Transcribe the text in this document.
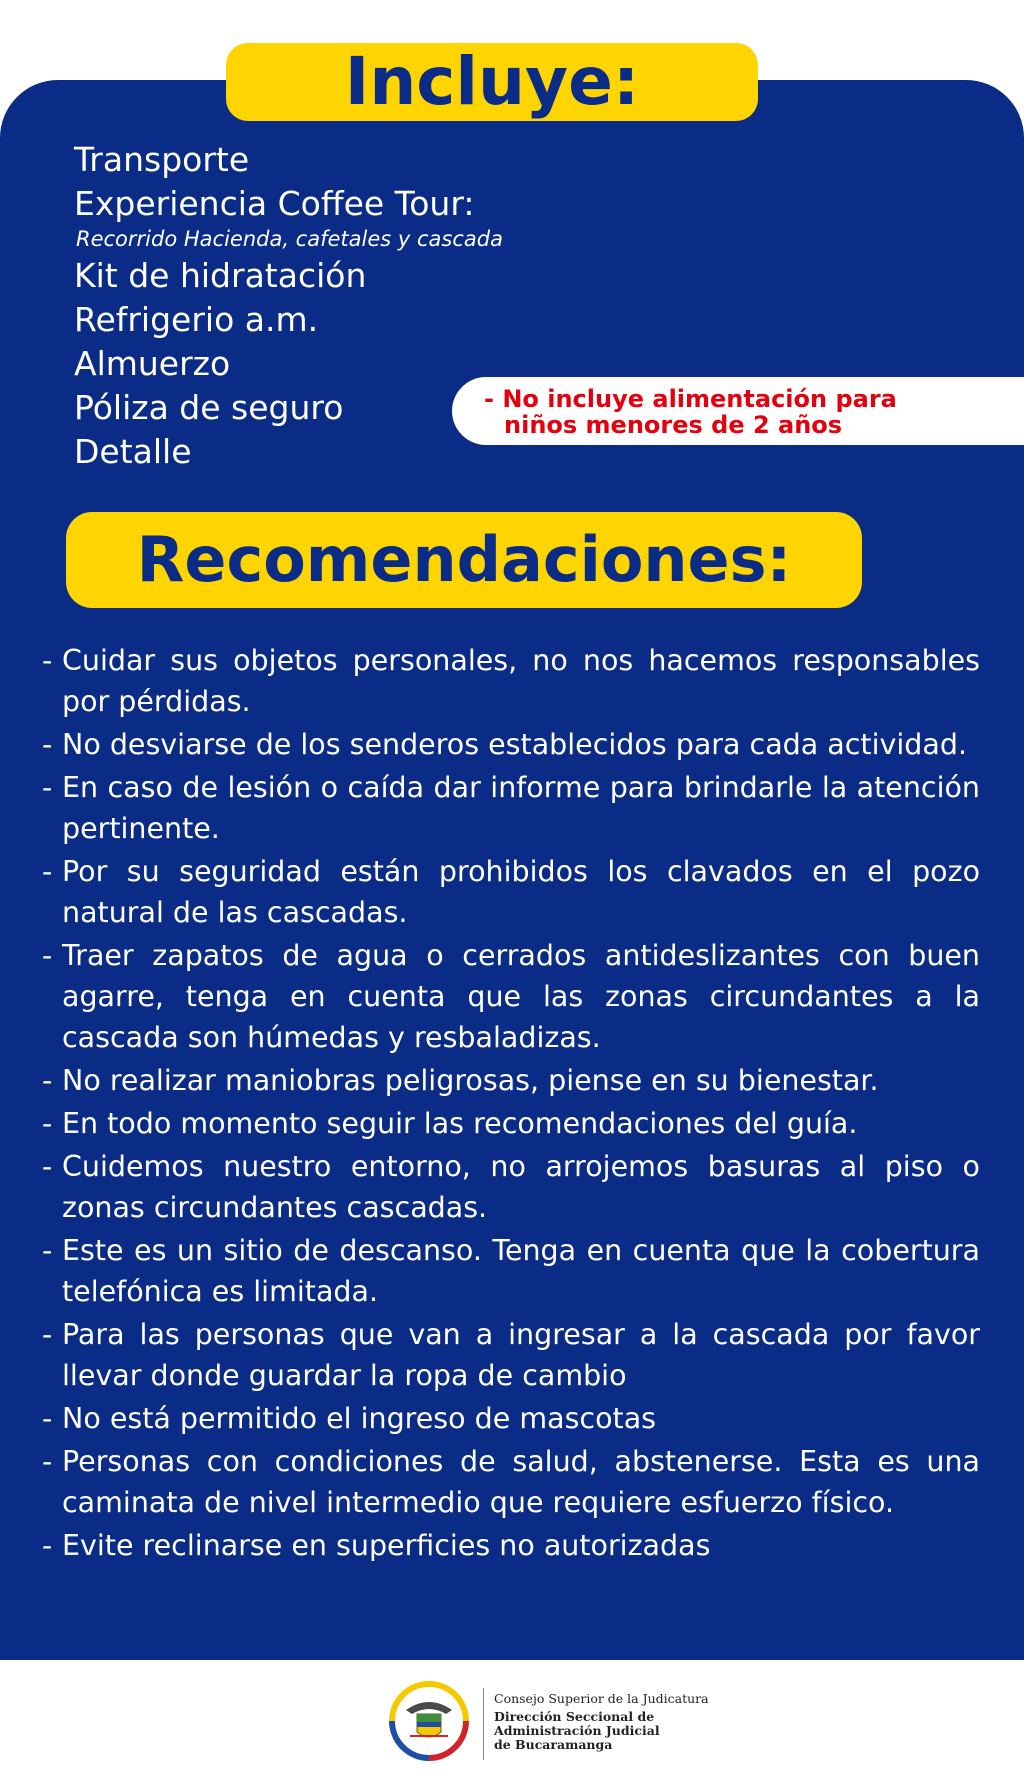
Incluye:
Transporte
Experiencia Coffee Tour:
Recorrido Hacienda, cafetales y cascada
Kit de hidratación
Refrigerio a.m.
Almuerzo
Póliza de seguro
Detalle
- No incluye alimentación para
niños menores de 2 años
Recomendaciones:
- Cuidar sus objetos personales, no nos hacemos responsables por pérdidas.
- No desviarse de los senderos establecidos para cada actividad.
- En caso de lesión o caída dar informe para brindarle la atención pertinente.
- Por su seguridad están prohibidos los clavados en el pozo natural de las cascadas.
- Traer zapatos de agua o cerrados antideslizantes con buen agarre, tenga en cuenta que las zonas circundantes a la cascada son húmedas y resbaladizas.
- No realizar maniobras peligrosas, piense en su bienestar.
- En todo momento seguir las recomendaciones del guía.
- Cuidemos nuestro entorno, no arrojemos basuras al piso o zonas circundantes cascadas.
- Este es un sitio de descanso. Tenga en cuenta que la cobertura telefónica es limitada.
- Para las personas que van a ingresar a la cascada por favor llevar donde guardar la ropa de cambio
- No está permitido el ingreso de mascotas
- Personas con condiciones de salud, abstenerse. Esta es una caminata de nivel intermedio que requiere esfuerzo físico.
- Evite reclinarse en superficies no autorizadas
Consejo Superior de la Judicatura
Dirección Seccional de
Administración Judicial
de Bucaramanga
